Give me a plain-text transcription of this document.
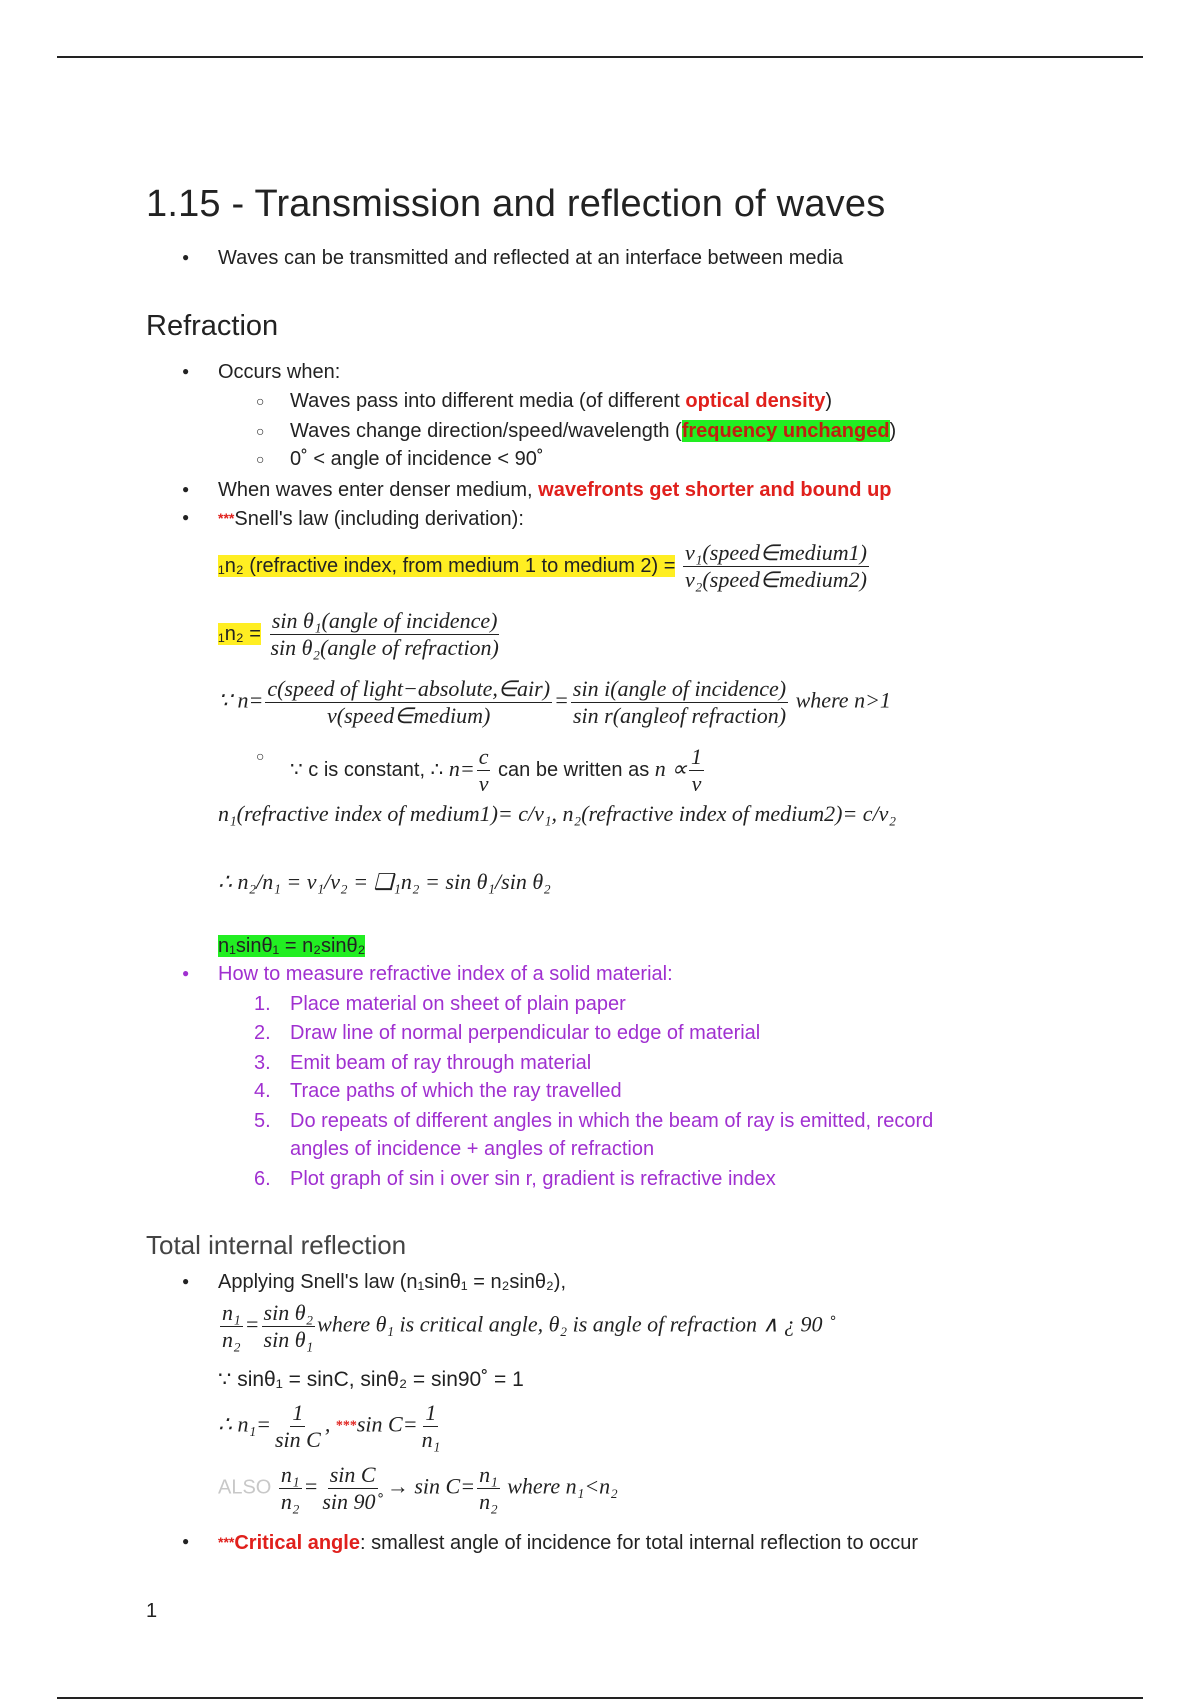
1.15 - Transmission and reflection of waves
● Waves can be transmitted and reflected at an interface between media
Refraction
● Occurs when:
○ Waves pass into different media (of different optical density)
○ Waves change direction/speed/wavelength (frequency unchanged)
○ 0˚ < angle of incidence < 90˚
● When waves enter denser medium, wavefronts get shorter and bound up
● ***Snell's law (including derivation):
₁n₂ (refractive index, from medium 1 to medium $2) = \frac{\text{v₁(speed∈medium1)}}{\text{v₂(speed∈medium2)}}$
$_1n_2 = \frac{\text{sin θ₁(angle of incidence)}}{\text{sin θ₂(angle of refraction)}}$
∵ $n= \frac{\text{c(speed of light−absolute,∈air)}}{\text{v(speed∈medium)}} = \frac{\text{sin i(angle of incidence)}}{\text{sin r(angleof refraction)}}$ where n>1
○ ∵ c is constant, ∴ $n= \frac{c}{v}$ can be written as $n \propto \frac{1}{v}$
n₁(refractive index of medium1)= c/v₁, n₂(refractive index of medium2)= c/v₂
∴ n₂/n₁ = v₁/v₂ = ❑₁n₂ = sin θ₁/sin θ₂
n₁sinθ₁ = n₂sinθ₂
● How to measure refractive index of a solid material:
1. Place material on sheet of plain paper
2. Draw line of normal perpendicular to edge of material
3. Emit beam of ray through material
4. Trace paths of which the ray travelled
5. Do repeats of different angles in which the beam of ray is emitted, record
angles of incidence + angles of refraction
6. Plot graph of sin i over sin r, gradient is refractive index
Total internal reflection
● Applying Snell's law (n₁sinθ₁ = n₂sinθ₂),
$\frac{\text{n₁}}{\text{n₂}} = \frac{\text{sin θ₂}}{\text{sin θ₁}}$ where θ₁ is critical angle, θ₂ is angle of refraction ∧ ¿ 90 ˚
∵ sinθ₁ = sinC, sinθ₂ = sin90˚ = 1
∴ $n_1= \frac{1}{\text{sin C}}$ , ***sin $C= \frac{1}{\text{n₁}}$
ALSO $\frac{\text{n₁}}{\text{n₂}} = \frac{\text{sin C}}{\sin 90˚} \to \sin C= \frac{\text{n₁}}{\text{n₂}}$ where n₁<n₂
● ***Critical angle: smallest angle of incidence for total internal reflection to occur
1
